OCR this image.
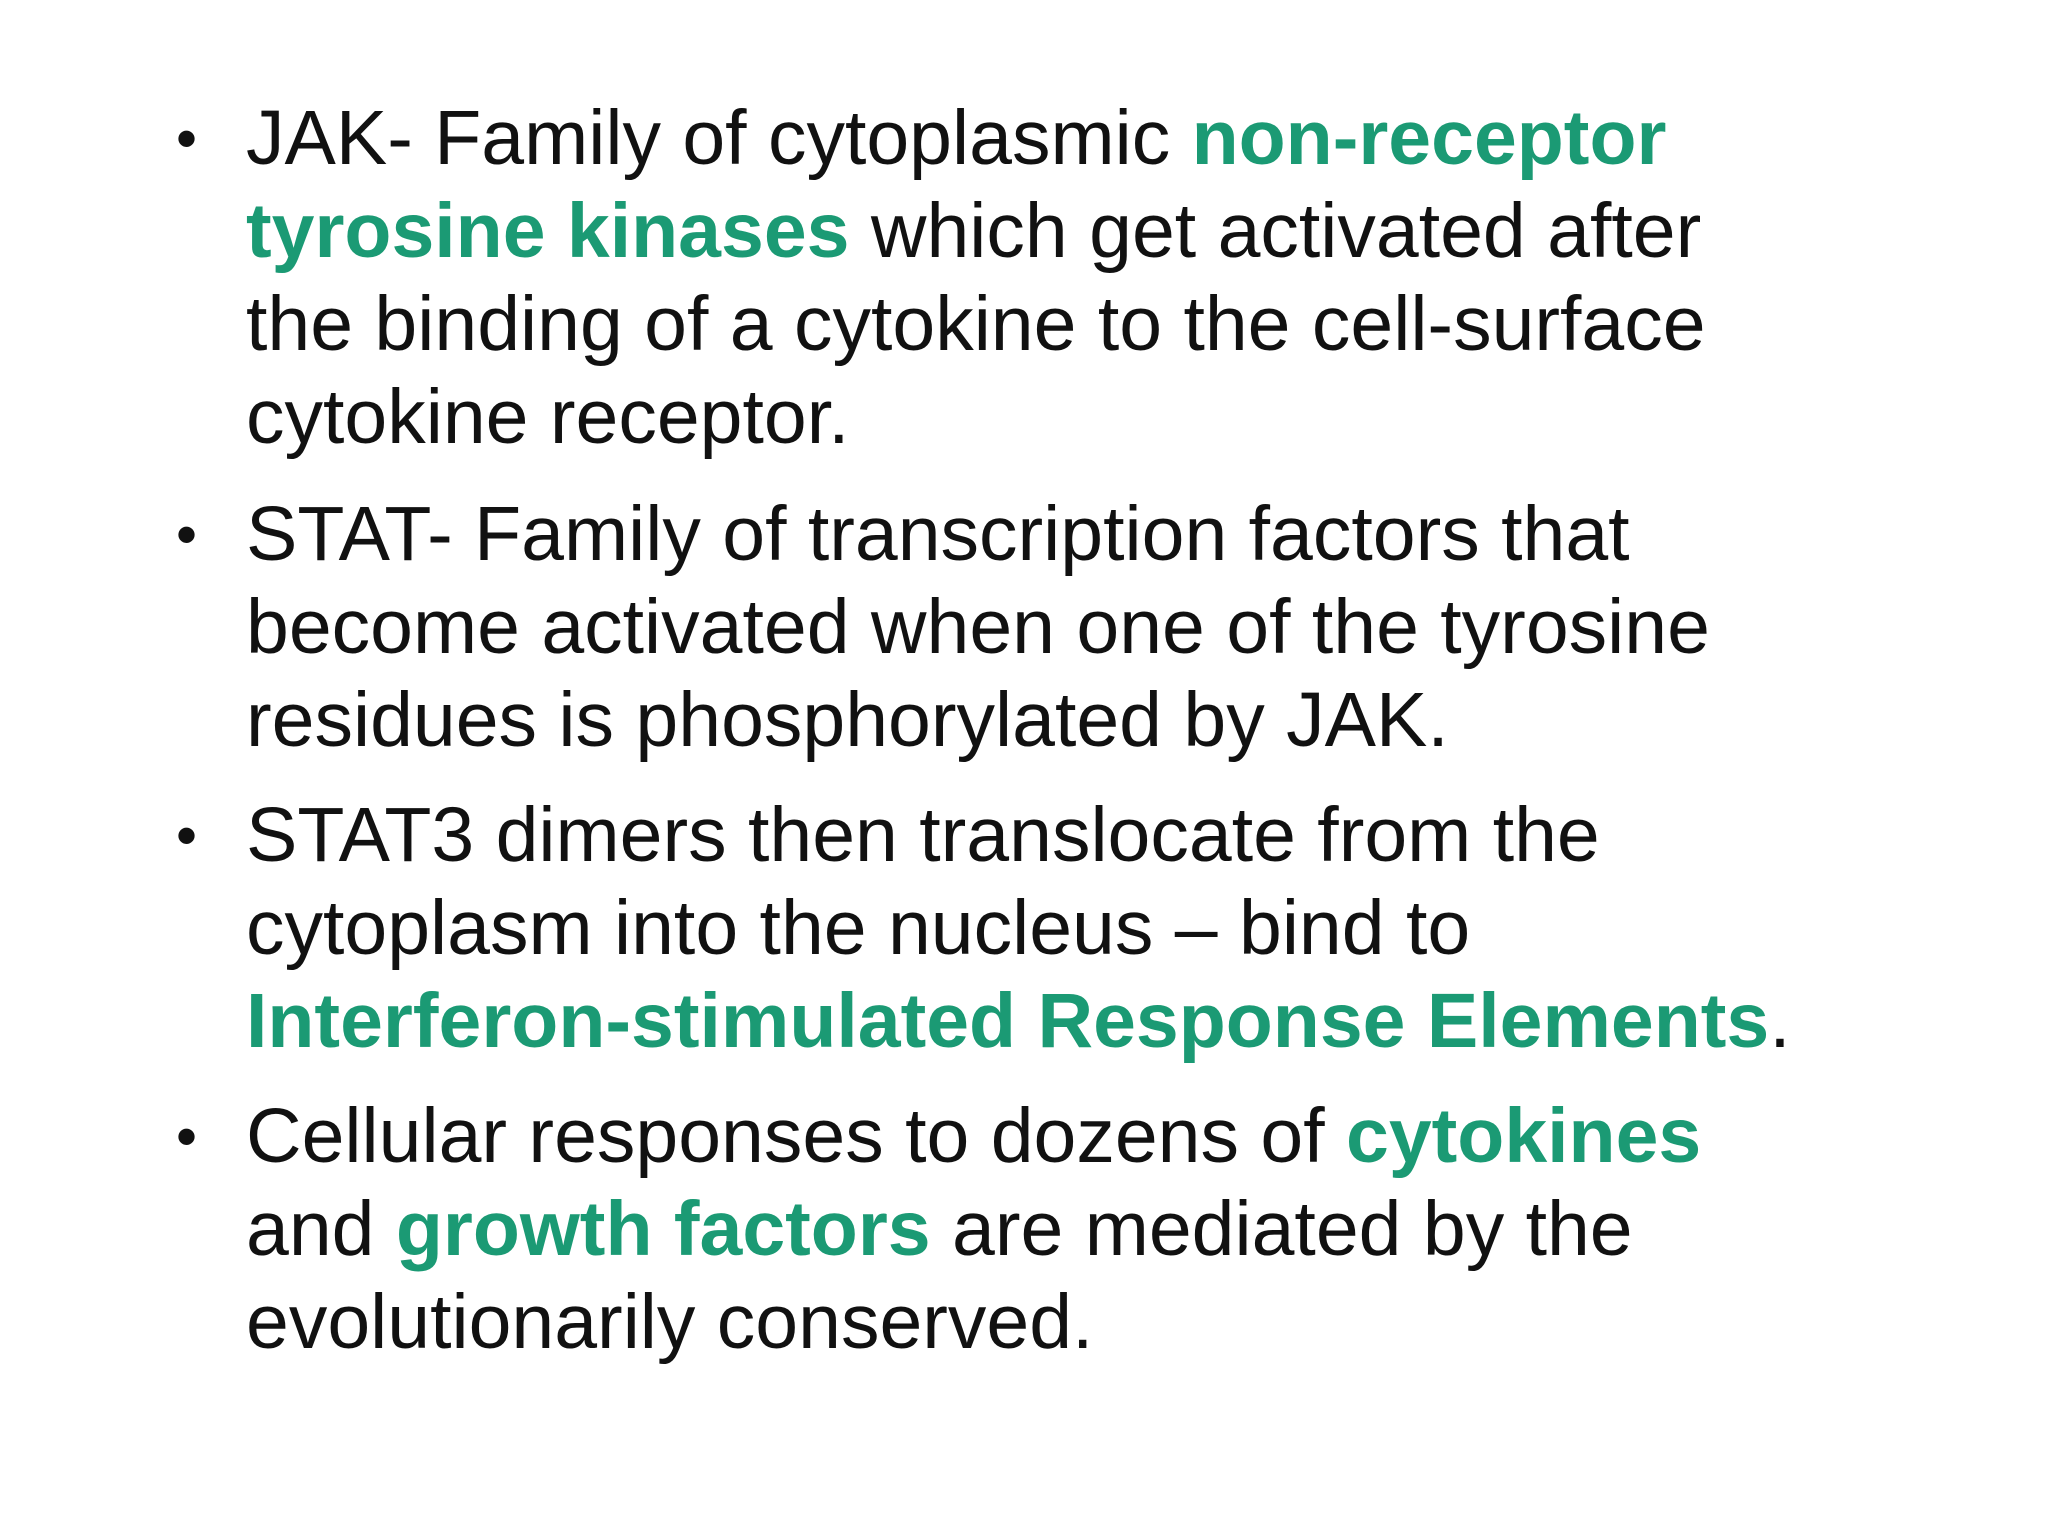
• JAK- Family of cytoplasmic non-receptor
tyrosine kinases which get activated after
the binding of a cytokine to the cell-surface
cytokine receptor.
• STAT- Family of transcription factors that
become activated when one of the tyrosine
residues is phosphorylated by JAK.
• STAT3 dimers then translocate from the
cytoplasm into the nucleus – bind to
Interferon-stimulated Response Elements.
• Cellular responses to dozens of cytokines
and growth factors are mediated by the
evolutionarily conserved.
